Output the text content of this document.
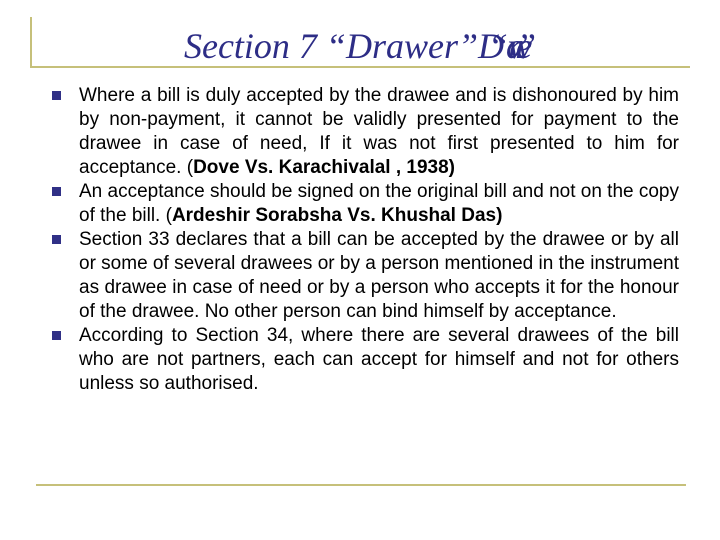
Section 7 “Drawer”D“rawee”
Where a bill is duly accepted by the drawee and is dishonoured by him by non-payment, it cannot be validly presented for payment to the drawee in case of need, If it was not first presented to him for acceptance. (Dove Vs. Karachivalal , 1938)
An acceptance should be signed on the original bill and not on the copy of the bill. (Ardeshir Sorabsha Vs. Khushal Das)
Section 33 declares that a bill can be accepted by the drawee or by all or some of several drawees or by a person mentioned in the instrument as drawee in case of need or by a person who accepts it for the honour of the drawee. No other person can bind himself by acceptance.
According to Section 34, where there are several drawees of the bill who are not partners, each can accept for himself and not for others unless so authorised.
